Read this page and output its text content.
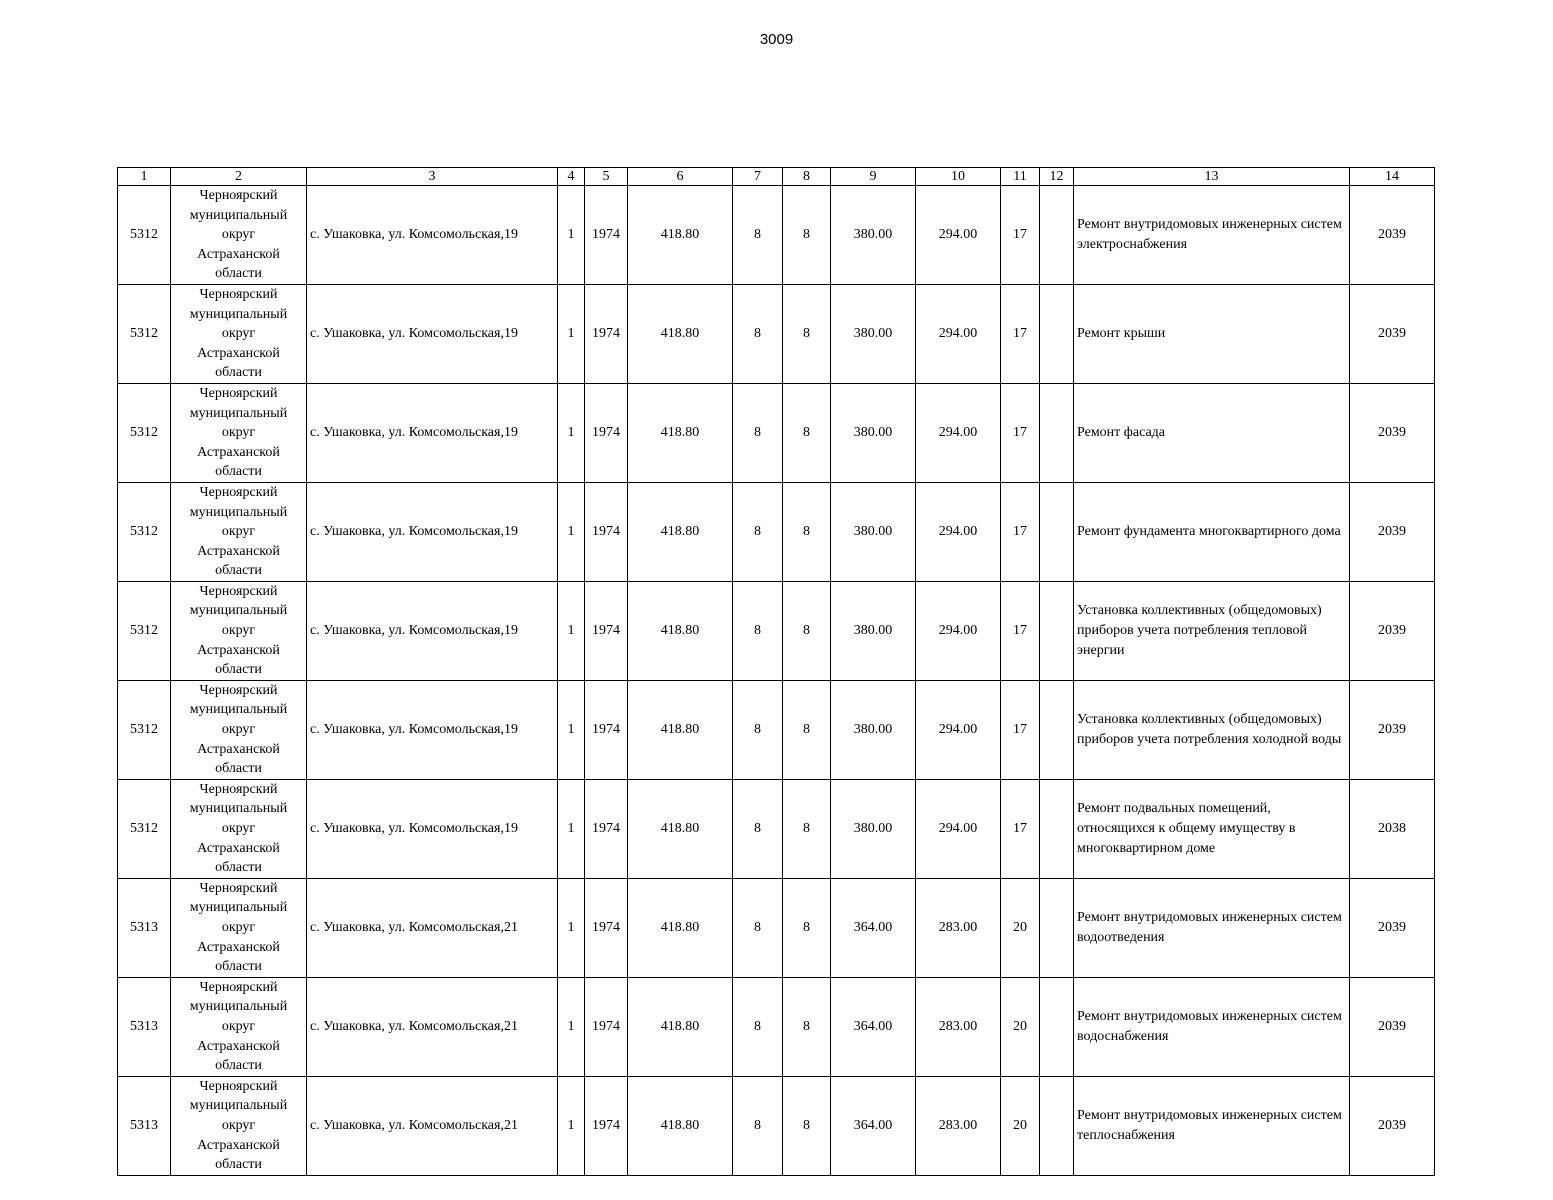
3009
1	2	3	4	5	6	7	8	9	10	11	12	13	14
5312	Черноярский
муниципальный
округ
Астраханской
области	с. Ушаковка, ул. Комсомольская,19	1	1974	418.80	8	8	380.00	294.00	17		Ремонт внутридомовых инженерных систем электроснабжения	2039
5312	Черноярский
муниципальный
округ
Астраханской
области	с. Ушаковка, ул. Комсомольская,19	1	1974	418.80	8	8	380.00	294.00	17		Ремонт крыши	2039
5312	Черноярский
муниципальный
округ
Астраханской
области	с. Ушаковка, ул. Комсомольская,19	1	1974	418.80	8	8	380.00	294.00	17		Ремонт фасада	2039
5312	Черноярский
муниципальный
округ
Астраханской
области	с. Ушаковка, ул. Комсомольская,19	1	1974	418.80	8	8	380.00	294.00	17		Ремонт фундамента многоквартирного дома	2039
5312	Черноярский
муниципальный
округ
Астраханской
области	с. Ушаковка, ул. Комсомольская,19	1	1974	418.80	8	8	380.00	294.00	17		Установка коллективных (общедомовых) приборов учета потребления тепловой энергии	2039
5312	Черноярский
муниципальный
округ
Астраханской
области	с. Ушаковка, ул. Комсомольская,19	1	1974	418.80	8	8	380.00	294.00	17		Установка коллективных (общедомовых) приборов учета потребления холодной воды	2039
5312	Черноярский
муниципальный
округ
Астраханской
области	с. Ушаковка, ул. Комсомольская,19	1	1974	418.80	8	8	380.00	294.00	17		Ремонт подвальных помещений, относящихся к общему имуществу в многоквартирном доме	2038
5313	Черноярский
муниципальный
округ
Астраханской
области	с. Ушаковка, ул. Комсомольская,21	1	1974	418.80	8	8	364.00	283.00	20		Ремонт внутридомовых инженерных систем водоотведения	2039
5313	Черноярский
муниципальный
округ
Астраханской
области	с. Ушаковка, ул. Комсомольская,21	1	1974	418.80	8	8	364.00	283.00	20		Ремонт внутридомовых инженерных систем водоснабжения	2039
5313	Черноярский
муниципальный
округ
Астраханской
области	с. Ушаковка, ул. Комсомольская,21	1	1974	418.80	8	8	364.00	283.00	20		Ремонт внутридомовых инженерных систем теплоснабжения	2039
